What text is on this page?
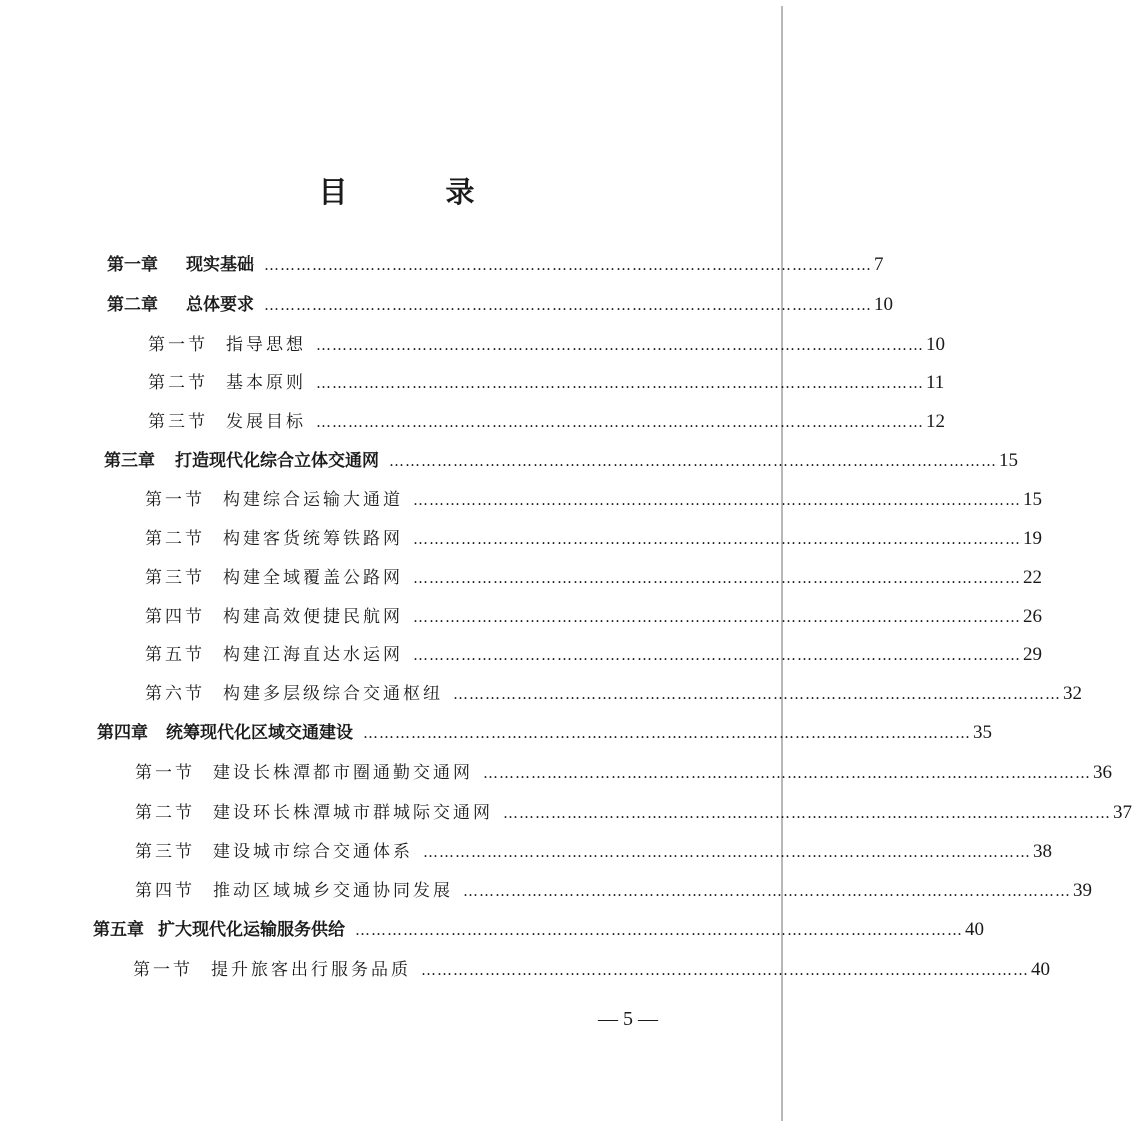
目 录
第一章 现实基础 …………………………………………………………………………………………………… 7
第二章 总体要求 …………………………………………………………………………………………………… 10
第一节 指导思想 …………………………………………………………………………………………………… 10
第二节 基本原则 …………………………………………………………………………………………………… 11
第三节 发展目标 …………………………………………………………………………………………………… 12
第三章 打造现代化综合立体交通网 …………………………………………………………………………………………………… 15
第一节 构建综合运输大通道 …………………………………………………………………………………………………… 15
第二节 构建客货统筹铁路网 …………………………………………………………………………………………………… 19
第三节 构建全域覆盖公路网 …………………………………………………………………………………………………… 22
第四节 构建高效便捷民航网 …………………………………………………………………………………………………… 26
第五节 构建江海直达水运网 …………………………………………………………………………………………………… 29
第六节 构建多层级综合交通枢纽 …………………………………………………………………………………………………… 32
第四章 统筹现代化区域交通建设 …………………………………………………………………………………………………… 35
第一节 建设长株潭都市圈通勤交通网 …………………………………………………………………………………………………… 36
第二节 建设环长株潭城市群城际交通网 …………………………………………………………………………………………………… 37
第三节 建设城市综合交通体系 …………………………………………………………………………………………………… 38
第四节 推动区域城乡交通协同发展 …………………………………………………………………………………………………… 39
第五章 扩大现代化运输服务供给 …………………………………………………………………………………………………… 40
第一节 提升旅客出行服务品质 …………………………………………………………………………………………………… 40
— 5 —
